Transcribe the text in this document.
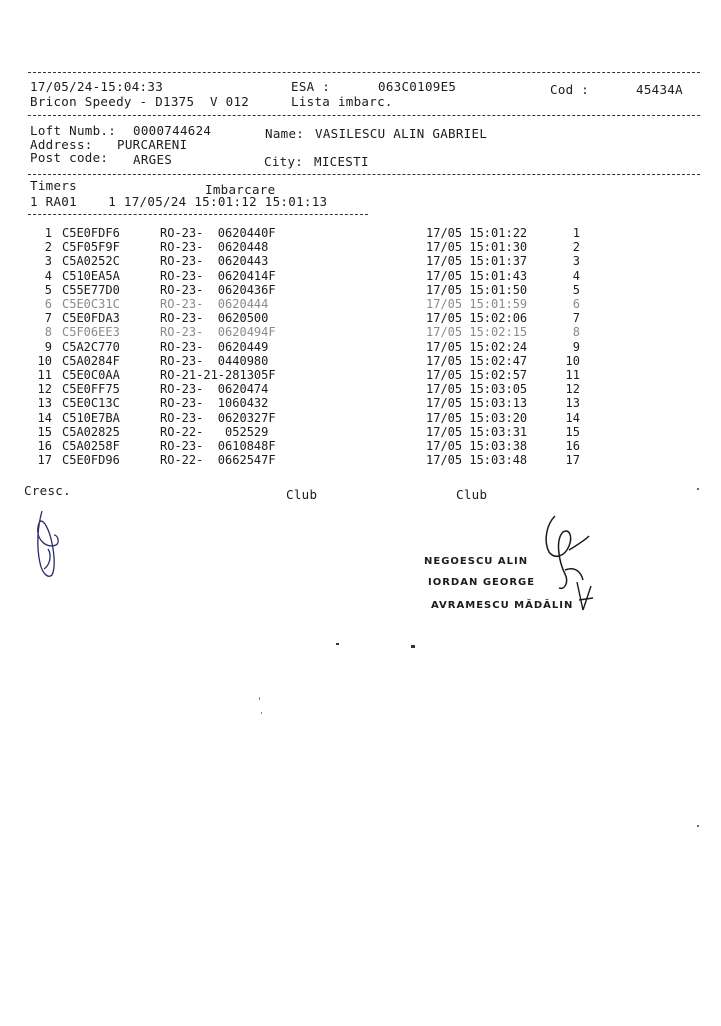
17/05/24-15:04:33	ESA :	063C0109E5	Cod :	45434A
Bricon Speedy - D1375  V 012	Lista imbarc.
Loft Numb.: 0000744624	Name: VASILESCU ALIN GABRIEL
Address: PURCARENI
Post code: ARGES	City: MICESTI
Timers	Imbarcare
1 RA01    1 17/05/24 15:01:12 15:01:13
1 C5E0FDF6	RO-23-  0620440F	17/05 15:01:22	1
2 C5F05F9F	RO-23-  0620448	17/05 15:01:30	2
3 C5A0252C	RO-23-  0620443	17/05 15:01:37	3
4 C510EA5A	RO-23-  0620414F	17/05 15:01:43	4
5 C55E77D0	RO-23-  0620436F	17/05 15:01:50	5
6 C5E0C31C	RO-23-  0620444	17/05 15:01:59	6
7 C5E0FDA3	RO-23-  0620500	17/05 15:02:06	7
8 C5F06EE3	RO-23-  0620494F	17/05 15:02:15	8
9 C5A2C770	RO-23-  0620449	17/05 15:02:24	9
10 C5A0284F	RO-23-  0440980	17/05 15:02:47	10
11 C5E0C0AA	RO-21-21-281305F	17/05 15:02:57	11
12 C5E0FF75	RO-23-  0620474	17/05 15:03:05	12
13 C5E0C13C	RO-23-  1060432	17/05 15:03:13	13
14 C510E7BA	RO-23-  0620327F	17/05 15:03:20	14
15 C5A02825	RO-22-   052529	17/05 15:03:31	15
16 C5A0258F	RO-23-  0610848F	17/05 15:03:38	16
17 C5E0FD96	RO-22-  0662547F	17/05 15:03:48	17
Cresc.	Club	Club
NEGOESCU ALIN
IORDAN GEORGE
AVRAMESCU MĂDĂLIN
